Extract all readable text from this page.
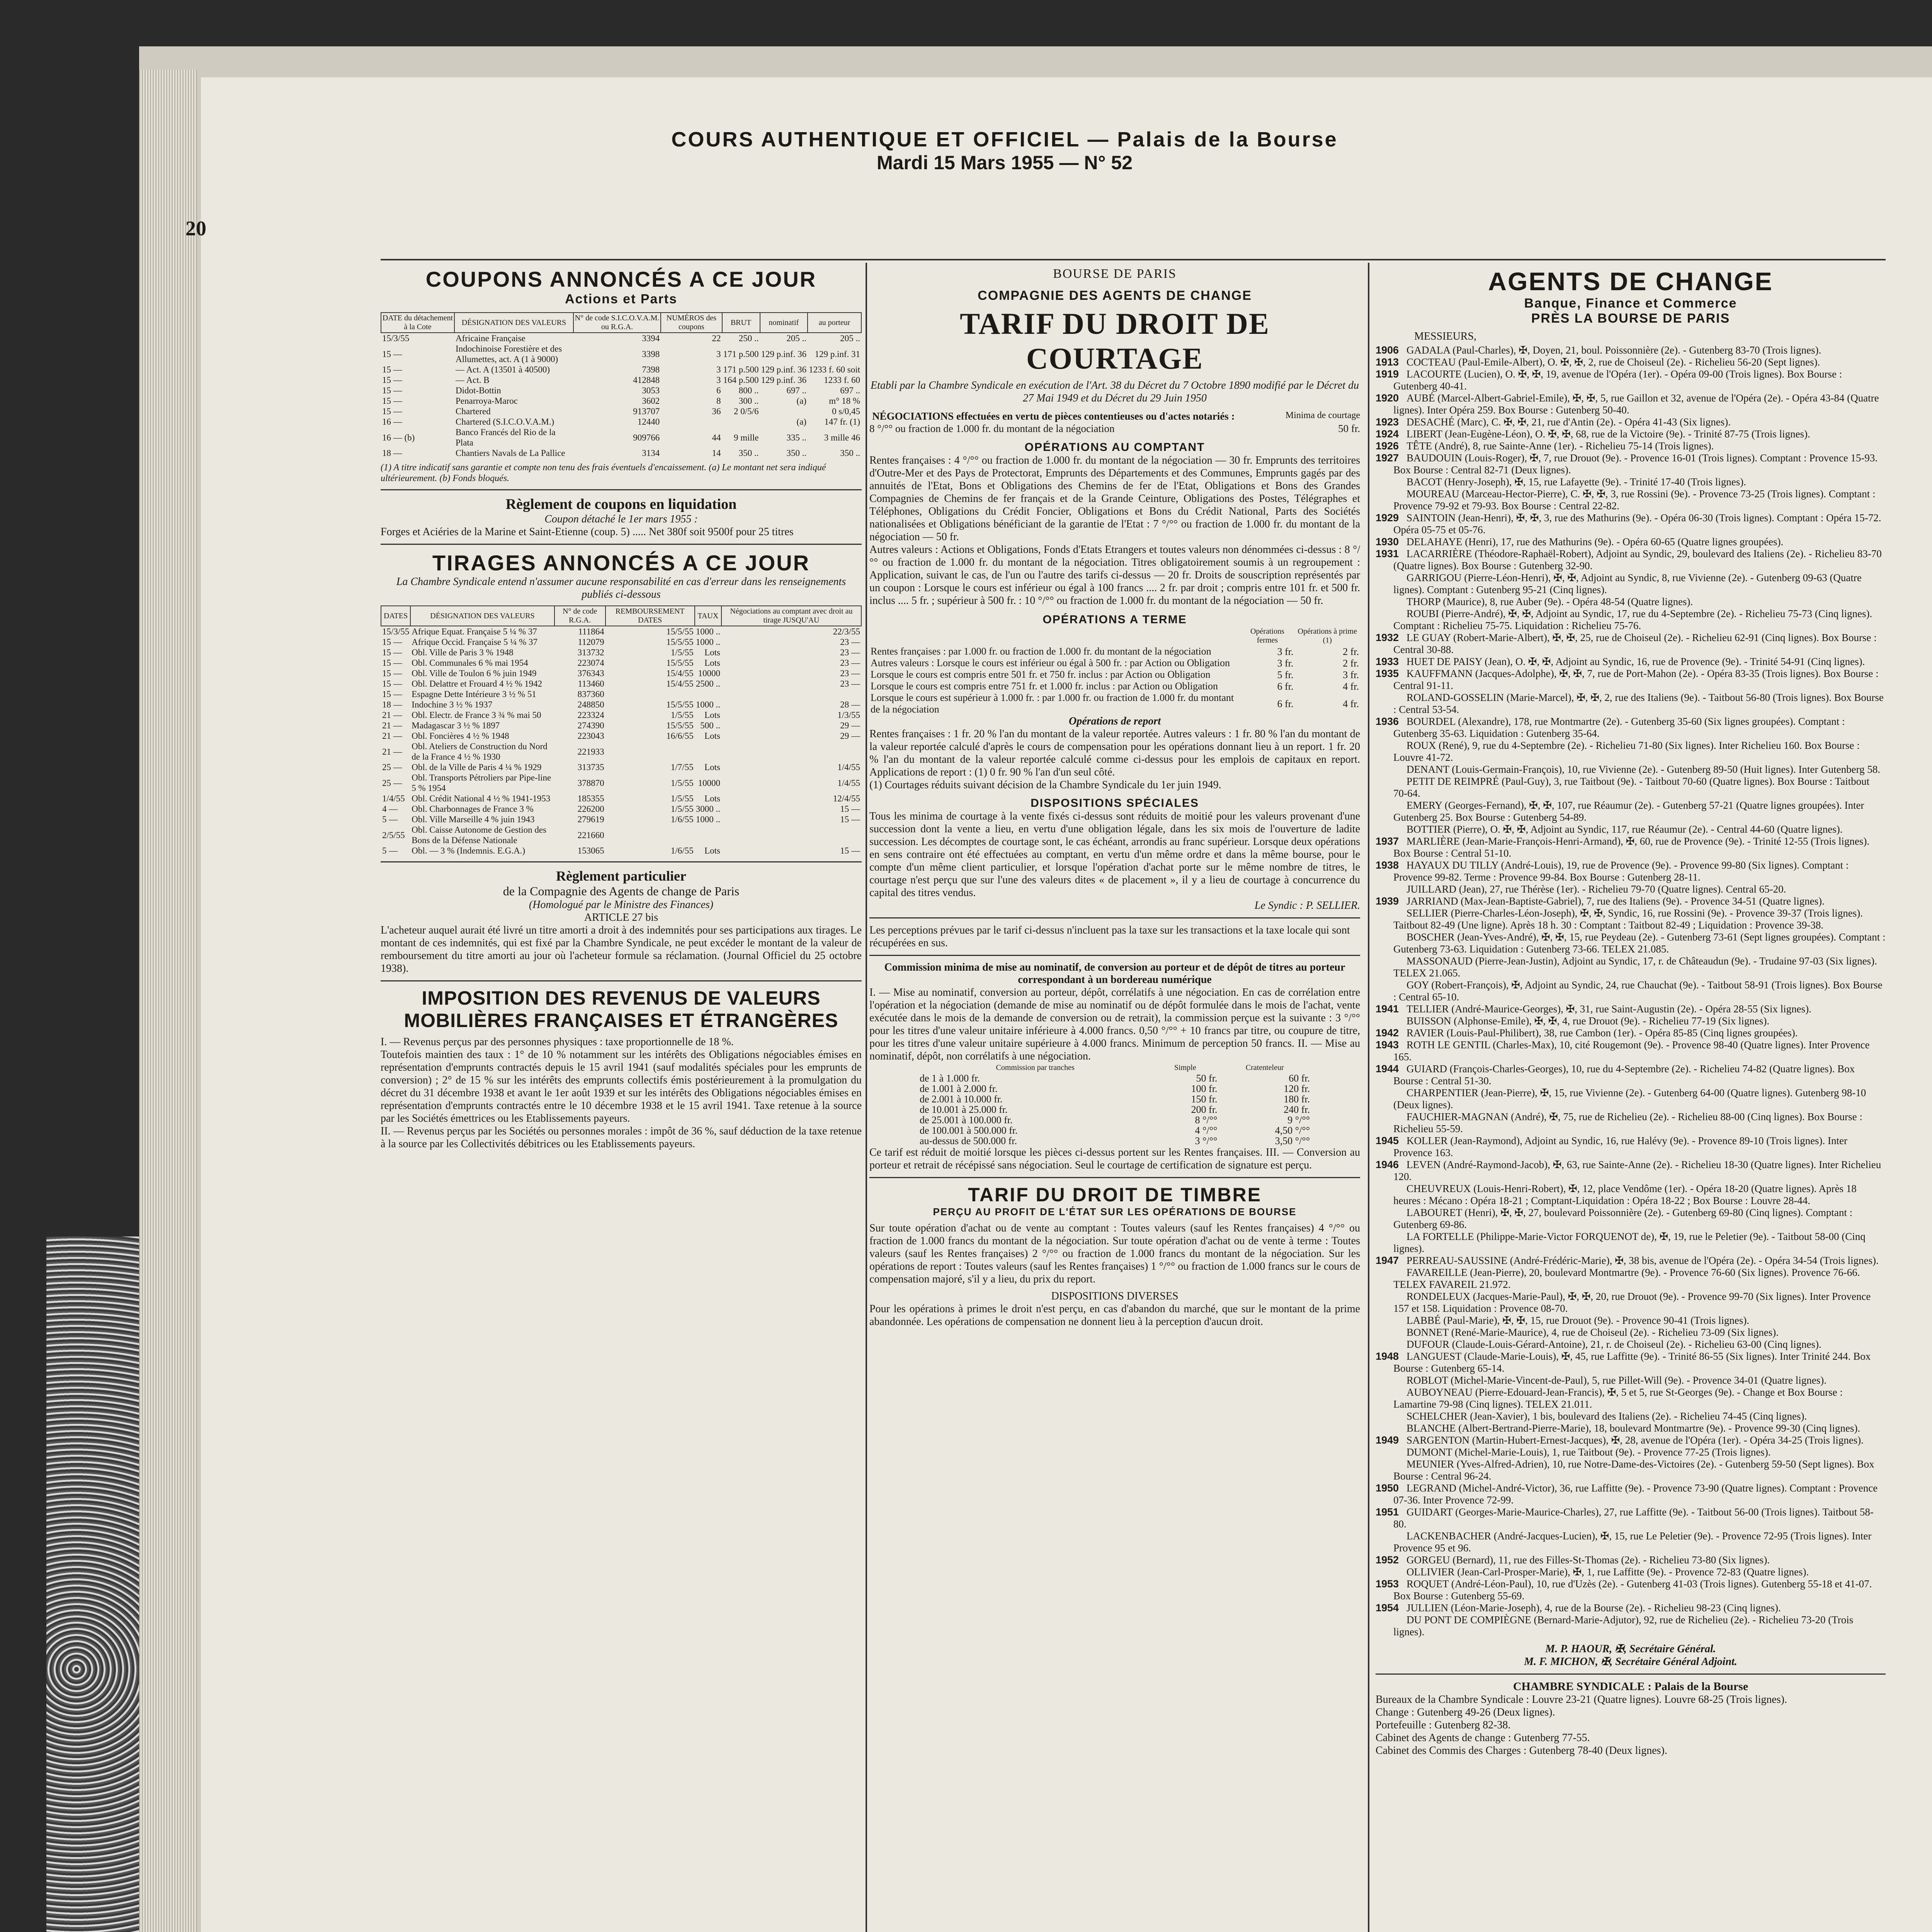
20
COURS AUTHENTIQUE ET OFFICIEL — Palais de la Bourse
Mardi 15 Mars 1955 — N° 52
COUPONS ANNONCÉS A CE JOUR
Actions et Parts
DATE du détachement à la Cote	DÉSIGNATION DES VALEURS	N° de code S.I.C.O.V.A.M. ou R.G.A.	NUMÉROS des coupons	BRUT	nominatif	au porteur
15/3/55	Africaine Française	3394	22	250 ..	205 ..	205 ..
15 —	Indochinoise Forestière et des Allumettes, act. A (1 à 9000)	3398	3	171 p.500	129 p.inf. 36	129 p.inf. 31
15 —	— Act. A (13501 à 40500)	7398	3	171 p.500	129 p.inf. 36	1233 f. 60 soit
15 —	— Act. B	412848	3	164 p.500	129 p.inf. 36	1233 f. 60
15 —	Didot-Bottin	3053	6	800 ..	697 ..	697 ..
15 —	Penarroya-Maroc	3602	8	300 ..	(a)	m° 18 %
15 —	Chartered	913707	36	2 0/5/6		0 s/0,45
16 —	Chartered (S.I.C.O.V.A.M.)	12440			(a)	147 fr. (1)
16 — (b)	Banco Francés del Rio de la Plata	909766	44	9 mille	335 ..	3 mille 46
18 —	Chantiers Navals de La Pallice	3134	14	350 ..	350 ..	350 ..
(1) A titre indicatif sans garantie et compte non tenu des frais éventuels d'encaissement. (a) Le montant net sera indiqué ultérieurement. (b) Fonds bloqués.
Règlement de coupons en liquidation
Coupon détaché le 1er mars 1955 :
Forges et Aciéries de la Marine et Saint-Etienne (coup. 5) ..... Net 380f soit 9500f pour 25 titres
TIRAGES ANNONCÉS A CE JOUR
La Chambre Syndicale entend n'assumer aucune responsabilité en cas d'erreur dans les renseignements publiés ci-dessous
DATES	DÉSIGNATION DES VALEURS	N° de code R.G.A.	REMBOURSEMENT DATES	TAUX	Négociations au comptant avec droit au tirage JUSQU'AU
15/3/55	Afrique Equat. Française 5 ¼ % 37	111864	15/5/55	1000 ..	22/3/55
15 —	Afrique Occid. Française 5 ¼ % 37	112079	15/5/55	1000 ..	23 —
15 —	Obl. Ville de Paris 3 % 1948	313732	1/5/55	Lots	23 —
15 —	Obl. Communales 6 % mai 1954	223074	15/5/55	Lots	23 —
15 —	Obl. Ville de Toulon 6 % juin 1949	376343	15/4/55	10000	23 —
15 —	Obl. Delattre et Frouard 4 ½ % 1942	113460	15/4/55	2500 ..	23 —
15 —	Espagne Dette Intérieure 3 ½ % 51	837360			
18 —	Indochine 3 ½ % 1937	248850	15/5/55	1000 ..	28 —
21 —	Obl. Electr. de France 3 ¾ % mai 50	223324	1/5/55	Lots	1/3/55
21 —	Madagascar 3 ½ % 1897	274390	15/5/55	500 ..	29 —
21 —	Obl. Foncières 4 ½ % 1948	223043	16/6/55	Lots	29 —
21 —	Obl. Ateliers de Construction du Nord de la France 4 ½ % 1930	221933			
25 —	Obl. de la Ville de Paris 4 ¼ % 1929	313735	1/7/55	Lots	1/4/55
25 —	Obl. Transports Pétroliers par Pipe-line 5 % 1954	378870	1/5/55	10000	1/4/55
1/4/55	Obl. Crédit National 4 ½ % 1941-1953	185355	1/5/55	Lots	12/4/55
4 —	Obl. Charbonnages de France 3 %	226200	1/5/55	3000 ..	15 —
5 —	Obl. Ville Marseille 4 % juin 1943	279619	1/6/55	1000 ..	15 —
2/5/55	Obl. Caisse Autonome de Gestion des Bons de la Défense Nationale	221660			
5 —	Obl. — 3 % (Indemnis. E.G.A.)	153065	1/6/55	Lots	15 —
Règlement particulier
de la Compagnie des Agents de change de Paris
(Homologué par le Ministre des Finances)
ARTICLE 27 bis
L'acheteur auquel aurait été livré un titre amorti a droit à des indemnités pour ses participations aux tirages. Le montant de ces indemnités, qui est fixé par la Chambre Syndicale, ne peut excéder le montant de la valeur de remboursement du titre amorti au jour où l'acheteur formule sa réclamation. (Journal Officiel du 25 octobre 1938).
IMPOSITION DES REVENUS DE VALEURS MOBILIÈRES FRANÇAISES ET ÉTRANGÈRES
I. — Revenus perçus par des personnes physiques : taxe proportionnelle de 18 %.
Toutefois maintien des taux : 1° de 10 % notamment sur les intérêts des Obligations négociables émises en représentation d'emprunts contractés depuis le 15 avril 1941 (sauf modalités spéciales pour les emprunts de conversion) ; 2° de 15 % sur les intérêts des emprunts collectifs émis postérieurement à la promulgation du décret du 31 décembre 1938 et avant le 1er août 1939 et sur les intérêts des Obligations négociables émises en représentation d'emprunts contractés entre le 10 décembre 1938 et le 15 avril 1941. Taxe retenue à la source par les Sociétés émettrices ou les Etablissements payeurs.
II. — Revenus perçus par les Sociétés ou personnes morales : impôt de 36 %, sauf déduction de la taxe retenue à la source par les Collectivités débitrices ou les Etablissements payeurs.
BOURSE DE PARIS
COMPAGNIE DES AGENTS DE CHANGE
TARIF DU DROIT DE COURTAGE
Etabli par la Chambre Syndicale en exécution de l'Art. 38 du Décret du 7 Octobre 1890 modifié par le Décret du 27 Mai 1949 et du Décret du 29 Juin 1950
NÉGOCIATIONS effectuées en vertu de pièces contentieuses ou d'actes notariés :	Minima de courtage
8 °/°° ou fraction de 1.000 fr. du montant de la négociation	50 fr.
OPÉRATIONS AU COMPTANT
Rentes françaises : 4 °/°° ou fraction de 1.000 fr. du montant de la négociation — 30 fr. Emprunts des territoires d'Outre-Mer et des Pays de Protectorat, Emprunts des Départements et des Communes, Emprunts gagés par des annuités de l'Etat, Bons et Obligations des Chemins de fer de l'Etat, Obligations et Bons des Grandes Compagnies de Chemins de fer français et de la Grande Ceinture, Obligations des Postes, Télégraphes et Téléphones, Obligations du Crédit Foncier, Obligations et Bons du Crédit National, Parts des Sociétés nationalisées et Obligations bénéficiant de la garantie de l'Etat : 7 °/°° ou fraction de 1.000 fr. du montant de la négociation — 50 fr.
Autres valeurs : Actions et Obligations, Fonds d'Etats Etrangers et toutes valeurs non dénommées ci-dessus : 8 °/°° ou fraction de 1.000 fr. du montant de la négociation. Titres obligatoirement soumis à un regroupement : Application, suivant le cas, de l'un ou l'autre des tarifs ci-dessus — 20 fr. Droits de souscription représentés par un coupon : Lorsque le cours est inférieur ou égal à 100 francs .... 2 fr. par droit ; compris entre 101 fr. et 500 fr. inclus .... 5 fr. ; supérieur à 500 fr. : 10 °/°° ou fraction de 1.000 fr. du montant de la négociation — 50 fr.
OPÉRATIONS A TERME
	Opérations fermes	Opérations à prime (1)
Rentes françaises : par 1.000 fr. ou fraction de 1.000 fr. du montant de la négociation	3 fr.	2 fr.
Autres valeurs : Lorsque le cours est inférieur ou égal à 500 fr. : par Action ou Obligation	3 fr.	2 fr.
Lorsque le cours est compris entre 501 fr. et 750 fr. inclus : par Action ou Obligation	5 fr.	3 fr.
Lorsque le cours est compris entre 751 fr. et 1.000 fr. inclus : par Action ou Obligation	6 fr.	4 fr.
Lorsque le cours est supérieur à 1.000 fr. : par 1.000 fr. ou fraction de 1.000 fr. du montant de la négociation	6 fr.	4 fr.
Opérations de report
Rentes françaises : 1 fr. 20 % l'an du montant de la valeur reportée. Autres valeurs : 1 fr. 80 % l'an du montant de la valeur reportée calculé d'après le cours de compensation pour les opérations donnant lieu à un report. 1 fr. 20 % l'an du montant de la valeur reportée calculé comme ci-dessus pour les emplois de capitaux en report. Applications de report : (1) 0 fr. 90 % l'an d'un seul côté.
(1) Courtages réduits suivant décision de la Chambre Syndicale du 1er juin 1949.
DISPOSITIONS SPÉCIALES
Tous les minima de courtage à la vente fixés ci-dessus sont réduits de moitié pour les valeurs provenant d'une succession dont la vente a lieu, en vertu d'une obligation légale, dans les six mois de l'ouverture de ladite succession. Les décomptes de courtage sont, le cas échéant, arrondis au franc supérieur. Lorsque deux opérations en sens contraire ont été effectuées au comptant, en vertu d'un même ordre et dans la même bourse, pour le compte d'un même client particulier, et lorsque l'opération d'achat porte sur le même nombre de titres, le courtage n'est perçu que sur l'une des valeurs dites « de placement », il y a lieu de courtage à concurrence du capital des titres vendus.
Le Syndic : P. SELLIER.
Les perceptions prévues par le tarif ci-dessus n'incluent pas la taxe sur les transactions et la taxe locale qui sont récupérées en sus.
Commission minima de mise au nominatif, de conversion au porteur et de dépôt de titres au porteur correspondant à un bordereau numérique
I. — Mise au nominatif, conversion au porteur, dépôt, corrélatifs à une négociation. En cas de corrélation entre l'opération et la négociation (demande de mise au nominatif ou de dépôt formulée dans le mois de l'achat, vente exécutée dans le mois de la demande de conversion ou de retrait), la commission perçue est la suivante : 3 °/°° pour les titres d'une valeur unitaire inférieure à 4.000 francs. 0,50 °/°° + 10 francs par titre, ou coupure de titre, pour les titres d'une valeur unitaire supérieure à 4.000 francs. Minimum de perception 50 francs. II. — Mise au nominatif, dépôt, non corrélatifs à une négociation.
Commission par tranches	Simple	Cratenteleur
de 1 à 1.000 fr.	50 fr.	60 fr.
de 1.001 à 2.000 fr.	100 fr.	120 fr.
de 2.001 à 10.000 fr.	150 fr.	180 fr.
de 10.001 à 25.000 fr.	200 fr.	240 fr.
de 25.001 à 100.000 fr.	8 °/°°	9 °/°°
de 100.001 à 500.000 fr.	4 °/°°	4,50 °/°°
au-dessus de 500.000 fr.	3 °/°°	3,50 °/°°
Ce tarif est réduit de moitié lorsque les pièces ci-dessus portent sur les Rentes françaises. III. — Conversion au porteur et retrait de récépissé sans négociation. Seul le courtage de certification de signature est perçu.
TARIF DU DROIT DE TIMBRE
PERÇU AU PROFIT DE L'ÉTAT SUR LES OPÉRATIONS DE BOURSE
Sur toute opération d'achat ou de vente au comptant : Toutes valeurs (sauf les Rentes françaises) 4 °/°° ou fraction de 1.000 francs du montant de la négociation. Sur toute opération d'achat ou de vente à terme : Toutes valeurs (sauf les Rentes françaises) 2 °/°° ou fraction de 1.000 francs du montant de la négociation. Sur les opérations de report : Toutes valeurs (sauf les Rentes françaises) 1 °/°° ou fraction de 1.000 francs sur le cours de compensation majoré, s'il y a lieu, du prix du report.
DISPOSITIONS DIVERSES
Pour les opérations à primes le droit n'est perçu, en cas d'abandon du marché, que sur le montant de la prime abandonnée. Les opérations de compensation ne donnent lieu à la perception d'aucun droit.
AGENTS DE CHANGE
Banque, Finance et Commerce
PRÈS LA BOURSE DE PARIS
MESSIEURS,
1906 GADALA (Paul-Charles), ✠, Doyen, 21, boul. Poissonnière (2e). - Gutenberg 83-70 (Trois lignes).
1913 COCTEAU (Paul-Emile-Albert), O. ✠, ✠, 2, rue de Choiseul (2e). - Richelieu 56-20 (Sept lignes).
1919 LACOURTE (Lucien), O. ✠, ✠, 19, avenue de l'Opéra (1er). - Opéra 09-00 (Trois lignes). Box Bourse : Gutenberg 40-41.
1920 AUBÉ (Marcel-Albert-Gabriel-Emile), ✠, ✠, 5, rue Gaillon et 32, avenue de l'Opéra (2e). - Opéra 43-84 (Quatre lignes). Inter Opéra 259. Box Bourse : Gutenberg 50-40.
1923 DESACHÉ (Marc), C. ✠, ✠, 21, rue d'Antin (2e). - Opéra 41-43 (Six lignes).
1924 LIBERT (Jean-Eugène-Léon), O. ✠, ✠, 68, rue de la Victoire (9e). - Trinité 87-75 (Trois lignes).
1926 TÊTE (André), 8, rue Sainte-Anne (1er). - Richelieu 75-14 (Trois lignes).
1927 BAUDOUIN (Louis-Roger), ✠, 7, rue Drouot (9e). - Provence 16-01 (Trois lignes). Comptant : Provence 15-93. Box Bourse : Central 82-71 (Deux lignes).
BACOT (Henry-Joseph), ✠, 15, rue Lafayette (9e). - Trinité 17-40 (Trois lignes).
MOUREAU (Marceau-Hector-Pierre), C. ✠, ✠, 3, rue Rossini (9e). - Provence 73-25 (Trois lignes). Comptant : Provence 79-92 et 79-93. Box Bourse : Central 22-82.
1929 SAINTOIN (Jean-Henri), ✠, ✠, 3, rue des Mathurins (9e). - Opéra 06-30 (Trois lignes). Comptant : Opéra 15-72. Opéra 05-75 et 05-76.
1930 DELAHAYE (Henri), 17, rue des Mathurins (9e). - Opéra 60-65 (Quatre lignes groupées).
1931 LACARRIÈRE (Théodore-Raphaël-Robert), Adjoint au Syndic, 29, boulevard des Italiens (2e). - Richelieu 83-70 (Quatre lignes). Box Bourse : Gutenberg 32-90.
GARRIGOU (Pierre-Léon-Henri), ✠, ✠, Adjoint au Syndic, 8, rue Vivienne (2e). - Gutenberg 09-63 (Quatre lignes). Comptant : Gutenberg 95-21 (Cinq lignes).
THORP (Maurice), 8, rue Auber (9e). - Opéra 48-54 (Quatre lignes).
ROUBI (Pierre-André), ✠, ✠, Adjoint au Syndic, 17, rue du 4-Septembre (2e). - Richelieu 75-73 (Cinq lignes). Comptant : Richelieu 75-75. Liquidation : Richelieu 75-76.
1932 LE GUAY (Robert-Marie-Albert), ✠, ✠, 25, rue de Choiseul (2e). - Richelieu 62-91 (Cinq lignes). Box Bourse : Central 30-88.
1933 HUET DE PAISY (Jean), O. ✠, ✠, Adjoint au Syndic, 16, rue de Provence (9e). - Trinité 54-91 (Cinq lignes).
1935 KAUFFMANN (Jacques-Adolphe), ✠, ✠, 7, rue de Port-Mahon (2e). - Opéra 83-35 (Trois lignes). Box Bourse : Central 91-11.
ROLAND-GOSSELIN (Marie-Marcel), ✠, ✠, 2, rue des Italiens (9e). - Taitbout 56-80 (Trois lignes). Box Bourse : Central 53-54.
1936 BOURDEL (Alexandre), 178, rue Montmartre (2e). - Gutenberg 35-60 (Six lignes groupées). Comptant : Gutenberg 35-63. Liquidation : Gutenberg 35-64.
ROUX (René), 9, rue du 4-Septembre (2e). - Richelieu 71-80 (Six lignes). Inter Richelieu 160. Box Bourse : Louvre 41-72.
DENANT (Louis-Germain-François), 10, rue Vivienne (2e). - Gutenberg 89-50 (Huit lignes). Inter Gutenberg 58.
PETIT DE REIMPRÉ (Paul-Guy), 3, rue Taitbout (9e). - Taitbout 70-60 (Quatre lignes). Box Bourse : Taitbout 70-64.
EMERY (Georges-Fernand), ✠, ✠, 107, rue Réaumur (2e). - Gutenberg 57-21 (Quatre lignes groupées). Inter Gutenberg 25. Box Bourse : Gutenberg 54-89.
BOTTIER (Pierre), O. ✠, ✠, Adjoint au Syndic, 117, rue Réaumur (2e). - Central 44-60 (Quatre lignes).
1937 MARLIÈRE (Jean-Marie-François-Henri-Armand), ✠, 60, rue de Provence (9e). - Trinité 12-55 (Trois lignes). Box Bourse : Central 51-10.
1938 HAYAUX DU TILLY (André-Louis), 19, rue de Provence (9e). - Provence 99-80 (Six lignes). Comptant : Provence 99-82. Terme : Provence 99-84. Box Bourse : Gutenberg 28-11.
JUILLARD (Jean), 27, rue Thérèse (1er). - Richelieu 79-70 (Quatre lignes). Central 65-20.
1939 JARRIAND (Max-Jean-Baptiste-Gabriel), 7, rue des Italiens (9e). - Provence 34-51 (Quatre lignes).
SELLIER (Pierre-Charles-Léon-Joseph), ✠, ✠, Syndic, 16, rue Rossini (9e). - Provence 39-37 (Trois lignes). Taitbout 82-49 (Une ligne). Après 18 h. 30 : Comptant : Taitbout 82-49 ; Liquidation : Provence 39-38.
BOSCHER (Jean-Yves-André), ✠, ✠, 15, rue Peydeau (2e). - Gutenberg 73-61 (Sept lignes groupées). Comptant : Gutenberg 73-63. Liquidation : Gutenberg 73-66. TELEX 21.085.
MASSONAUD (Pierre-Jean-Justin), Adjoint au Syndic, 17, r. de Châteaudun (9e). - Trudaine 97-03 (Six lignes). TELEX 21.065.
GOY (Robert-François), ✠, Adjoint au Syndic, 24, rue Chauchat (9e). - Taitbout 58-91 (Trois lignes). Box Bourse : Central 65-10.
1941 TELLIER (André-Maurice-Georges), ✠, 31, rue Saint-Augustin (2e). - Opéra 28-55 (Six lignes).
BUISSON (Alphonse-Emile), ✠, ✠, 4, rue Drouot (9e). - Richelieu 77-19 (Six lignes).
1942 RAVIER (Louis-Paul-Philibert), 38, rue Cambon (1er). - Opéra 85-85 (Cinq lignes groupées).
1943 ROTH LE GENTIL (Charles-Max), 10, cité Rougemont (9e). - Provence 98-40 (Quatre lignes). Inter Provence 165.
1944 GUIARD (François-Charles-Georges), 10, rue du 4-Septembre (2e). - Richelieu 74-82 (Quatre lignes). Box Bourse : Central 51-30.
CHARPENTIER (Jean-Pierre), ✠, 15, rue Vivienne (2e). - Gutenberg 64-00 (Quatre lignes). Gutenberg 98-10 (Deux lignes).
FAUCHIER-MAGNAN (André), ✠, 75, rue de Richelieu (2e). - Richelieu 88-00 (Cinq lignes). Box Bourse : Richelieu 55-59.
1945 KOLLER (Jean-Raymond), Adjoint au Syndic, 16, rue Halévy (9e). - Provence 89-10 (Trois lignes). Inter Provence 163.
1946 LEVEN (André-Raymond-Jacob), ✠, 63, rue Sainte-Anne (2e). - Richelieu 18-30 (Quatre lignes). Inter Richelieu 120.
CHEUVREUX (Louis-Henri-Robert), ✠, 12, place Vendôme (1er). - Opéra 18-20 (Quatre lignes). Après 18 heures : Mécano : Opéra 18-21 ; Comptant-Liquidation : Opéra 18-22 ; Box Bourse : Louvre 28-44.
LABOURET (Henri), ✠, ✠, 27, boulevard Poissonnière (2e). - Gutenberg 69-80 (Cinq lignes). Comptant : Gutenberg 69-86.
LA FORTELLE (Philippe-Marie-Victor FORQUENOT de), ✠, 19, rue le Peletier (9e). - Taitbout 58-00 (Cinq lignes).
1947 PERREAU-SAUSSINE (André-Frédéric-Marie), ✠, 38 bis, avenue de l'Opéra (2e). - Opéra 34-54 (Trois lignes).
FAVAREILLE (Jean-Pierre), 20, boulevard Montmartre (9e). - Provence 76-60 (Six lignes). Provence 76-66. TELEX FAVAREIL 21.972.
RONDELEUX (Jacques-Marie-Paul), ✠, ✠, 20, rue Drouot (9e). - Provence 99-70 (Six lignes). Inter Provence 157 et 158. Liquidation : Provence 08-70.
LABBÉ (Paul-Marie), ✠, ✠, 15, rue Drouot (9e). - Provence 90-41 (Trois lignes).
BONNET (René-Marie-Maurice), 4, rue de Choiseul (2e). - Richelieu 73-09 (Six lignes).
DUFOUR (Claude-Louis-Gérard-Antoine), 21, r. de Choiseul (2e). - Richelieu 63-00 (Cinq lignes).
1948 LANGUEST (Claude-Marie-Louis), ✠, 45, rue Laffitte (9e). - Trinité 86-55 (Six lignes). Inter Trinité 244. Box Bourse : Gutenberg 65-14.
ROBLOT (Michel-Marie-Vincent-de-Paul), 5, rue Pillet-Will (9e). - Provence 34-01 (Quatre lignes).
AUBOYNEAU (Pierre-Edouard-Jean-Francis), ✠, 5 et 5, rue St-Georges (9e). - Change et Box Bourse : Lamartine 79-98 (Cinq lignes). TELEX 21.011.
SCHELCHER (Jean-Xavier), 1 bis, boulevard des Italiens (2e). - Richelieu 74-45 (Cinq lignes).
BLANCHE (Albert-Bertrand-Pierre-Marie), 18, boulevard Montmartre (9e). - Provence 99-30 (Cinq lignes).
1949 SARGENTON (Martin-Hubert-Ernest-Jacques), ✠, 28, avenue de l'Opéra (1er). - Opéra 34-25 (Trois lignes).
DUMONT (Michel-Marie-Louis), 1, rue Taitbout (9e). - Provence 77-25 (Trois lignes).
MEUNIER (Yves-Alfred-Adrien), 10, rue Notre-Dame-des-Victoires (2e). - Gutenberg 59-50 (Sept lignes). Box Bourse : Central 96-24.
1950 LEGRAND (Michel-André-Victor), 36, rue Laffitte (9e). - Provence 73-90 (Quatre lignes). Comptant : Provence 07-36. Inter Provence 72-99.
1951 GUIDART (Georges-Marie-Maurice-Charles), 27, rue Laffitte (9e). - Taitbout 56-00 (Trois lignes). Taitbout 58-80.
LACKENBACHER (André-Jacques-Lucien), ✠, 15, rue Le Peletier (9e). - Provence 72-95 (Trois lignes). Inter Provence 95 et 96.
1952 GORGEU (Bernard), 11, rue des Filles-St-Thomas (2e). - Richelieu 73-80 (Six lignes).
OLLIVIER (Jean-Carl-Prosper-Marie), ✠, 1, rue Laffitte (9e). - Provence 72-83 (Quatre lignes).
1953 ROQUET (André-Léon-Paul), 10, rue d'Uzès (2e). - Gutenberg 41-03 (Trois lignes). Gutenberg 55-18 et 41-07. Box Bourse : Gutenberg 55-69.
1954 JULLIEN (Léon-Marie-Joseph), 4, rue de la Bourse (2e). - Richelieu 98-23 (Cinq lignes).
DU PONT DE COMPIÈGNE (Bernard-Marie-Adjutor), 92, rue de Richelieu (2e). - Richelieu 73-20 (Trois lignes).
M. P. HAOUR, ✠, Secrétaire Général.
M. F. MICHON, ✠, Secrétaire Général Adjoint.
CHAMBRE SYNDICALE : Palais de la Bourse
Bureaux de la Chambre Syndicale : Louvre 23-21 (Quatre lignes). Louvre 68-25 (Trois lignes).
Change : Gutenberg 49-26 (Deux lignes).
Portefeuille : Gutenberg 82-38.
Cabinet des Agents de change : Gutenberg 77-55.
Cabinet des Commis des Charges : Gutenberg 78-40 (Deux lignes).
